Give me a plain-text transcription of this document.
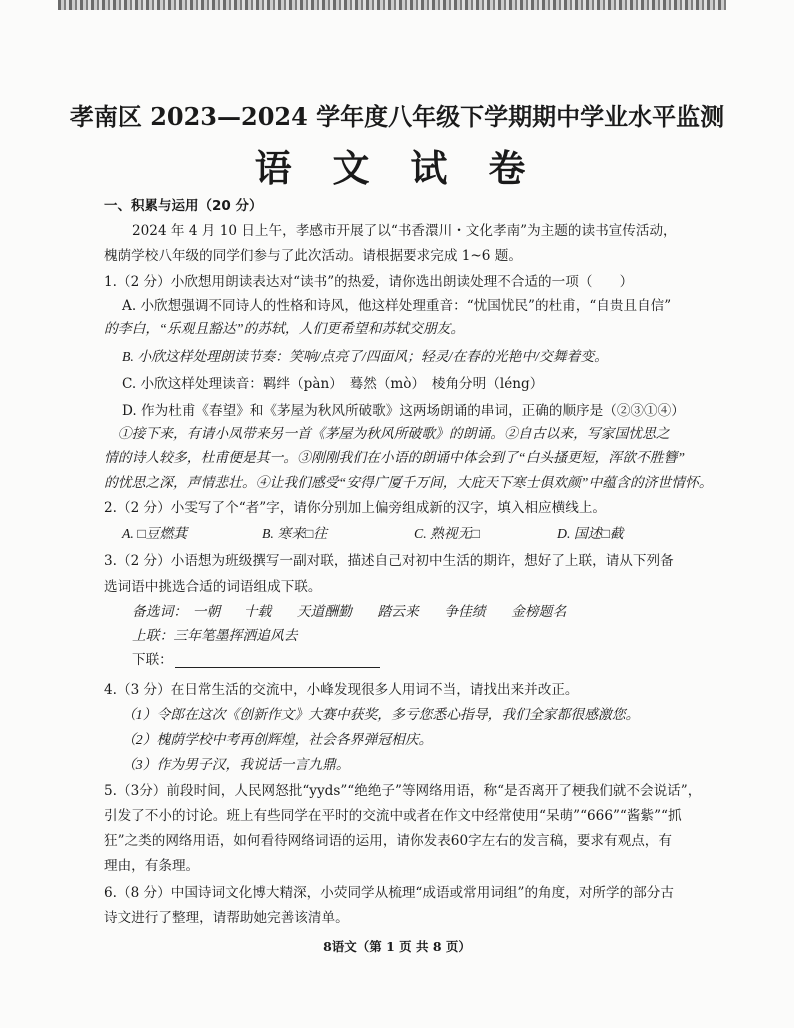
孝南区 2023—2024 学年度八年级下学期期中学业水平监测
语 文 试 卷
一、积累与运用（20 分）
2024 年 4 月 10 日上午，孝感市开展了以“书香澴川・文化孝南”为主题的读书宣传活动，
槐荫学校八年级的同学们参与了此次活动。请根据要求完成 1~6 题。
1.（2 分）小欣想用朗读表达对“读书”的热爱，请你选出朗读处理不合适的一项（　　）
A. 小欣想强调不同诗人的性格和诗风，他这样处理重音：“忧国忧民”的杜甫，“自贵且自信”
的李白，“乐观且豁达”的苏轼，人们更希望和苏轼交朋友。
B. 小欣这样处理朗读节奏：笑响/点亮了/四面风；轻灵/在春的光艳中/交舞着变。
C. 小欣这样处理读音：羁绊（pàn）　蓦然（mò）　棱角分明（léng）
D. 作为杜甫《春望》和《茅屋为秋风所破歌》这两场朗诵的串词，正确的顺序是（②③①④）
　①接下来，有请小凤带来另一首《茅屋为秋风所破歌》的朗诵。②自古以来，写家国忧思之
情的诗人较多，杜甫便是其一。③刚刚我们在小语的朗诵中体会到了“白头搔更短，浑欲不胜簪”
的忧思之深，声情悲壮。④让我们感受“安得广厦千万间，大庇天下寒士俱欢颜”中蕴含的济世情怀。
2.（2 分）小雯写了个“者”字，请你分别加上偏旁组成新的汉字，填入相应横线上。
A. □豆燃萁	B. 寒来□往	C. 熟视无□	D. 国述□截
3.（2 分）小语想为班级撰写一副对联，描述自己对初中生活的期许，想好了上联，请从下列备
选词语中挑选合适的词语组成下联。
备选词： 一朝 十载 天道酬勤 踏云来 争佳绩 金榜题名
上联：三年笔墨挥洒追风去
下联：
4.（3 分）在日常生活的交流中，小峰发现很多人用词不当，请找出来并改正。
（1）令郎在这次《创新作文》大赛中获奖，多亏您悉心指导，我们全家都很感激您。
（2）槐荫学校中考再创辉煌，社会各界弹冠相庆。
（3）作为男子汉，我说话一言九鼎。
5.（3分）前段时间，人民网怒批“yyds”“绝绝子”等网络用语，称“是否离开了梗我们就不会说话”，
引发了不小的讨论。班上有些同学在平时的交流中或者在作文中经常使用“呆萌”“666”“酱紫”“抓
狂”之类的网络用语，如何看待网络词语的运用，请你发表60字左右的发言稿，要求有观点，有
理由，有条理。
6.（8 分）中国诗词文化博大精深，小荧同学从梳理“成语或常用词组”的角度，对所学的部分古
诗文进行了整理，请帮助她完善该清单。
8语文（第 1 页 共 8 页）
